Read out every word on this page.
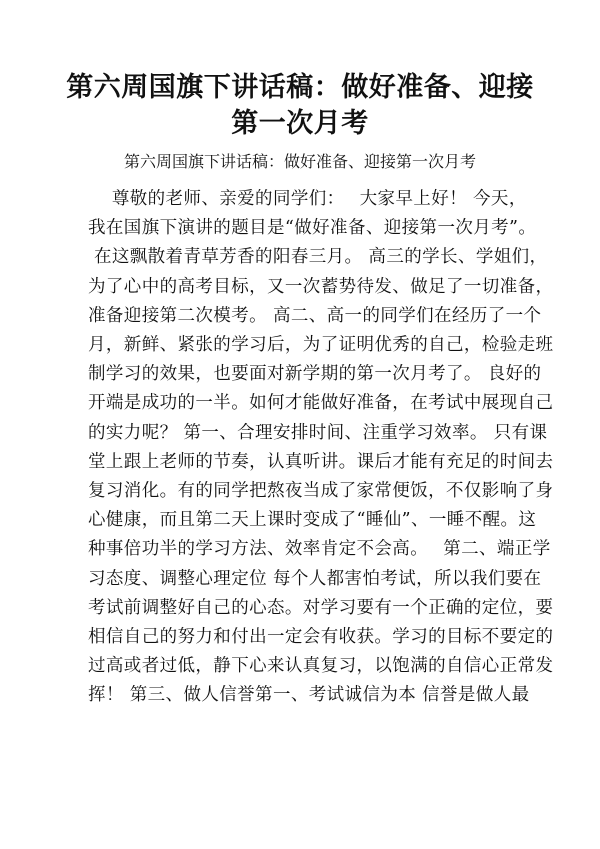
第六周国旗下讲话稿：做好准备、迎接
第一次月考
第六周国旗下讲话稿：做好准备、迎接第一次月考
尊敬的老师、亲爱的同学们：　 大家早上好！ 今天，
我在国旗下演讲的题目是“做好准备、迎接第一次月考”。
在这飘散着青草芳香的阳春三月。 高三的学长、学姐们，
为了心中的高考目标，又一次蓄势待发、做足了一切准备，
准备迎接第二次模考。 高二、高一的同学们在经历了一个
月，新鲜、紧张的学习后，为了证明优秀的自己，检验走班
制学习的效果，也要面对新学期的第一次月考了。 良好的
开端是成功的一半。如何才能做好准备，在考试中展现自己
的实力呢？ 第一、合理安排时间、注重学习效率。 只有课
堂上跟上老师的节奏，认真听讲。课后才能有充足的时间去
复习消化。有的同学把熬夜当成了家常便饭，不仅影响了身
心健康，而且第二天上课时变成了“睡仙”、一睡不醒。这
种事倍功半的学习方法、效率肯定不会高。　 第二、端正学
习态度、调整心理定位 每个人都害怕考试，所以我们要在
考试前调整好自己的心态。对学习要有一个正确的定位，要
相信自己的努力和付出一定会有收获。学习的目标不要定的
过高或者过低，静下心来认真复习，以饱满的自信心正常发
挥！ 第三、做人信誉第一、考试诚信为本 信誉是做人最
